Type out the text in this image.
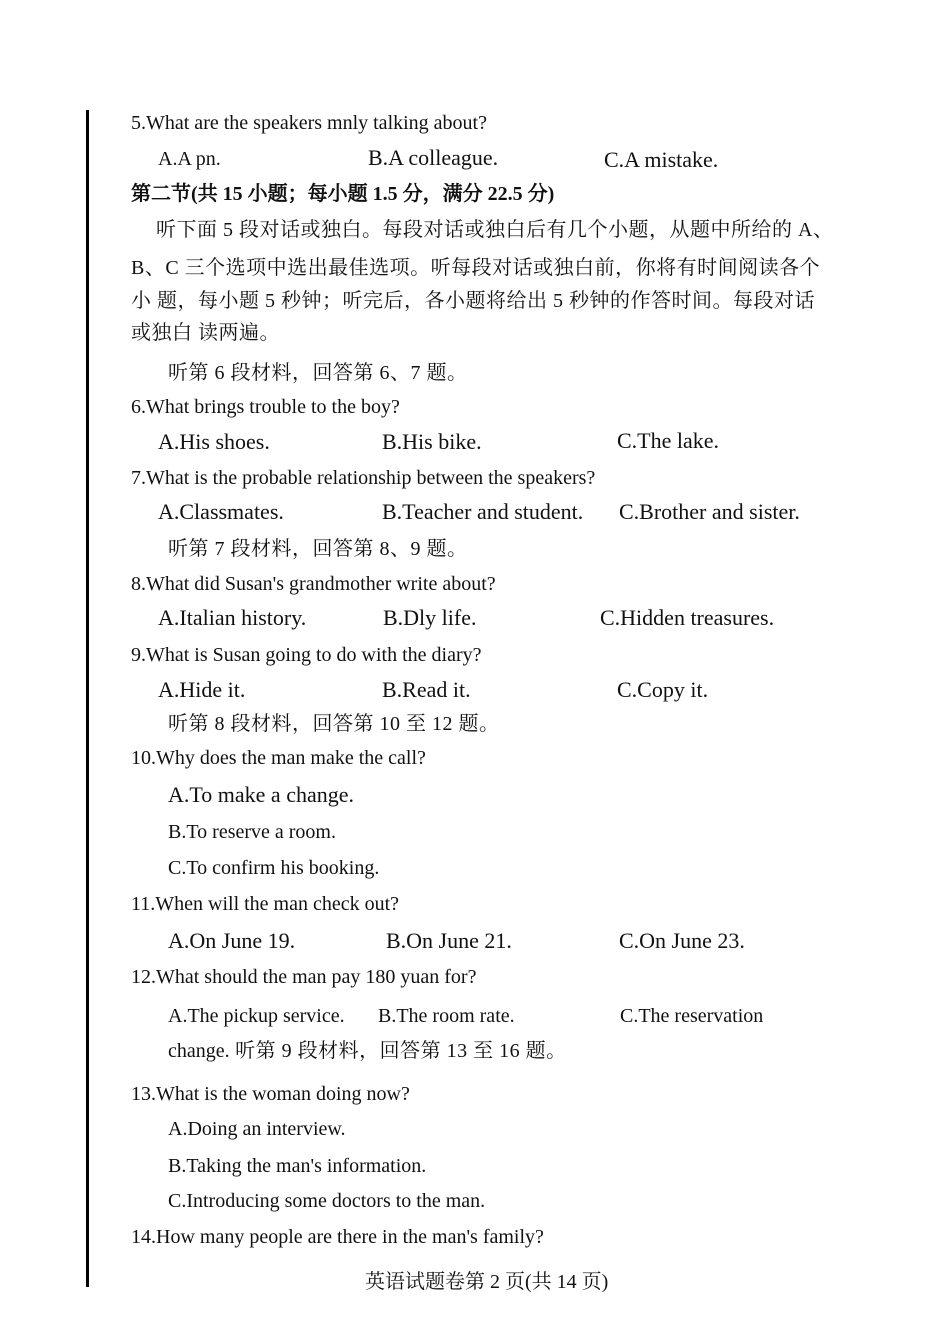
5.What are the speakers mnly talking about?
A.A pn.	B.A colleague.	C.A mistake.
第二节(共 15 小题；每小题 1.5 分，满分 22.5 分)
听下面 5 段对话或独白。每段对话或独白后有几个小题，从题中所给的 A、
B、C 三个选项中选出最佳选项。听每段对话或独白前，你将有时间阅读各个
小 题，每小题 5 秒钟；听完后，各小题将给出 5 秒钟的作答时间。每段对话
或独白 读两遍。
听第 6 段材料，回答第 6、7 题。
6.What brings trouble to the boy?
A.His shoes.	B.His bike.	C.The lake.
7.What is the probable relationship between the speakers?
A.Classmates.	B.Teacher and student. C.Brother and sister.
听第 7 段材料，回答第 8、9 题。
8.What did Susan's grandmother write about?
A.Italian history.	B.Dly life.	C.Hidden treasures.
9.What is Susan going to do with the diary?
A.Hide it.	B.Read it.	C.Copy it.
听第 8 段材料，回答第 10 至 12 题。
10.Why does the man make the call?
A.To make a change.
B.To reserve a room.
C.To confirm his booking.
11.When will the man check out?
A.On June 19.	B.On June 21.	C.On June 23.
12.What should the man pay 180 yuan for?
A.The pickup service. B.The room rate.	C.The reservation
change. 听第 9 段材料，回答第 13 至 16 题。
13.What is the woman doing now?
A.Doing an interview.
B.Taking the man's information.
C.Introducing some doctors to the man.
14.How many people are there in the man's family?
英语试题卷第 2 页(共 14 页)
